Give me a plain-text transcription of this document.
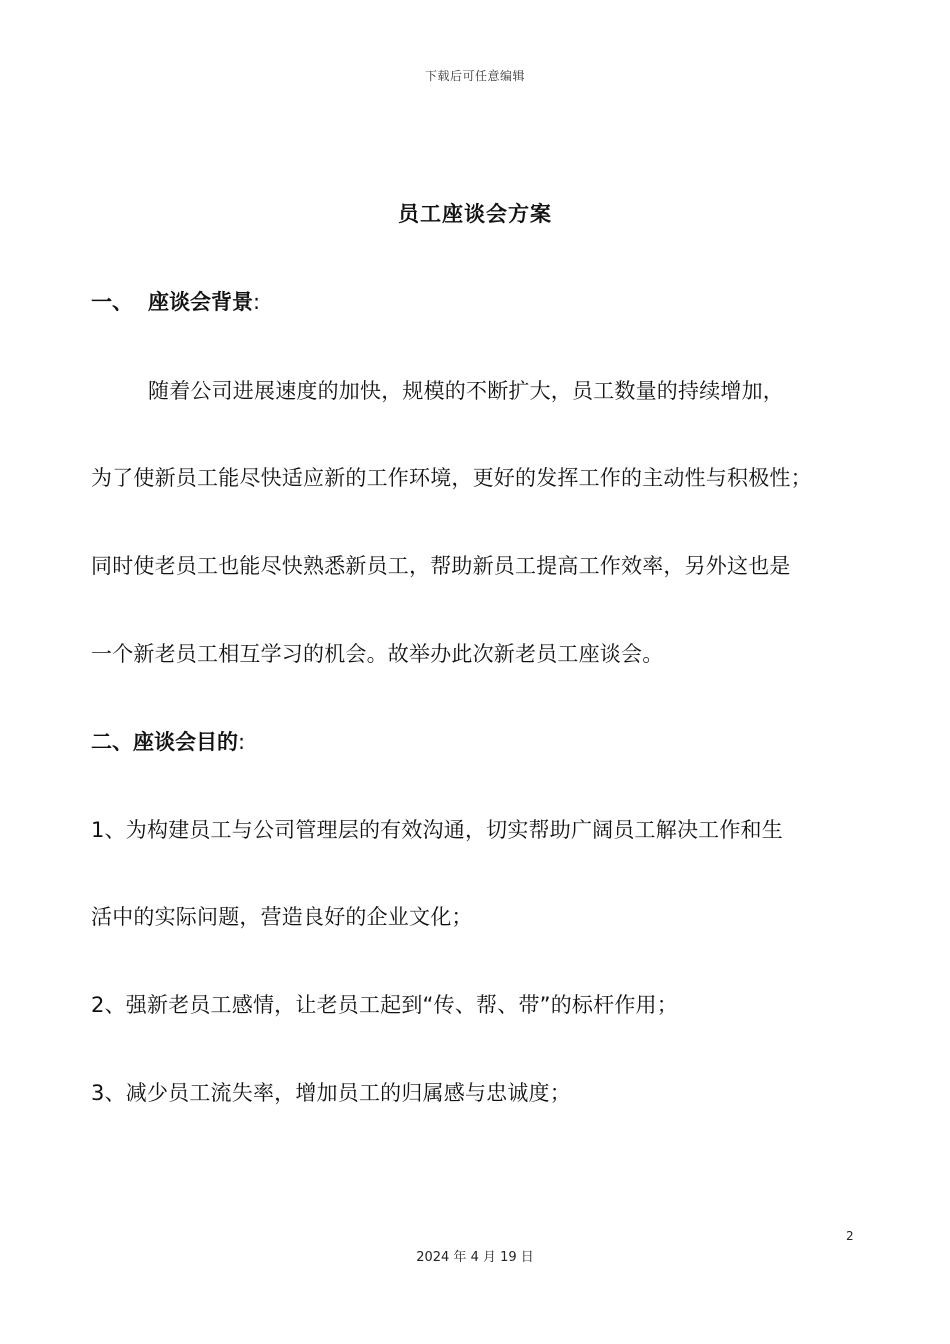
下载后可任意编辑
员工座谈会方案
一、 座谈会背景:
随着公司进展速度的加快，规模的不断扩大，员工数量的持续增加，
为了使新员工能尽快适应新的工作环境，更好的发挥工作的主动性与积极性；
同时使老员工也能尽快熟悉新员工，帮助新员工提高工作效率，另外这也是
一个新老员工相互学习的机会。故举办此次新老员工座谈会。
二、座谈会目的:
1、为构建员工与公司管理层的有效沟通，切实帮助广阔员工解决工作和生
活中的实际问题，营造良好的企业文化；
2、强新老员工感情，让老员工起到“传、帮、带”的标杆作用；
3、减少员工流失率，增加员工的归属感与忠诚度；
2
2024 年 4 月 19 日
